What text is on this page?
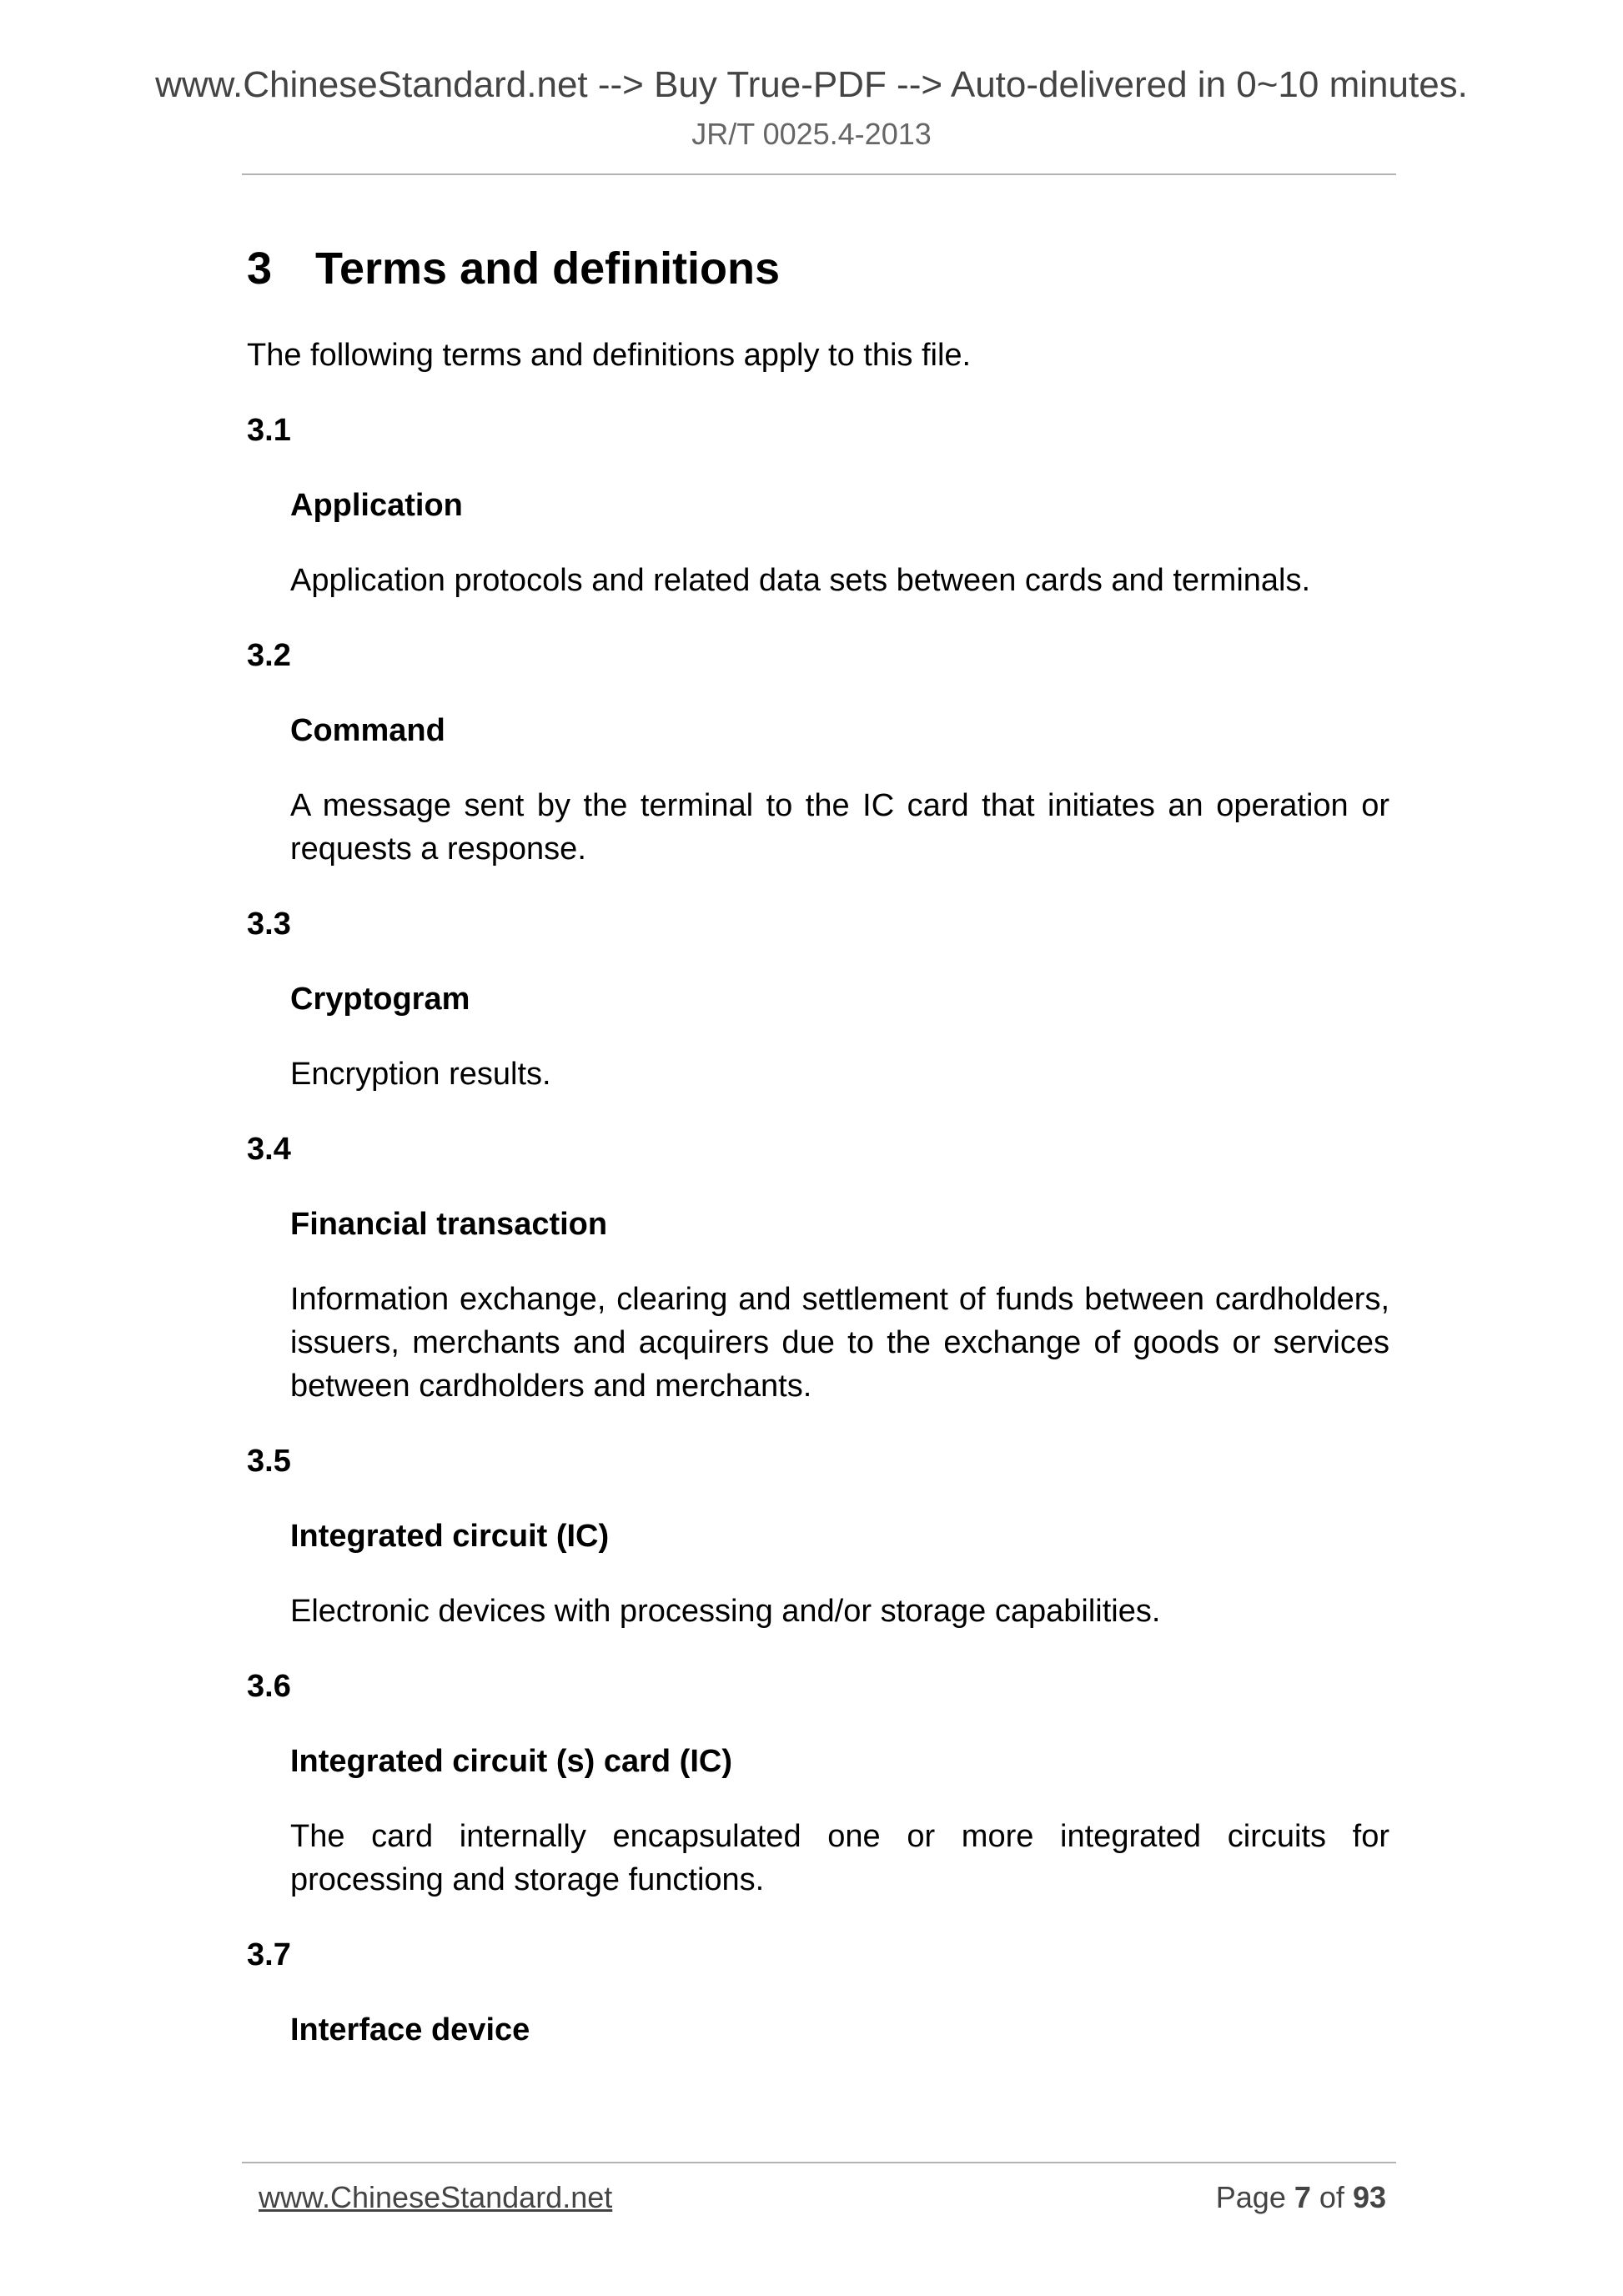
www.ChineseStandard.net --> Buy True-PDF --> Auto-delivered in 0~10 minutes.
JR/T 0025.4-2013
3 Terms and definitions

The following terms and definitions apply to this file.

3.1
Application
Application protocols and related data sets between cards and terminals.
3.2
Command
A message sent by the terminal to the IC card that initiates an operation or requests a response.
3.3
Cryptogram
Encryption results.
3.4
Financial transaction
Information exchange, clearing and settlement of funds between cardholders, issuers, merchants and acquirers due to the exchange of goods or services between cardholders and merchants.
3.5
Integrated circuit (IC)
Electronic devices with processing and/or storage capabilities.
3.6
Integrated circuit (s) card (IC)
The card internally encapsulated one or more integrated circuits for processing and storage functions.
3.7
Interface device
www.ChineseStandard.net	Page 7 of 93
